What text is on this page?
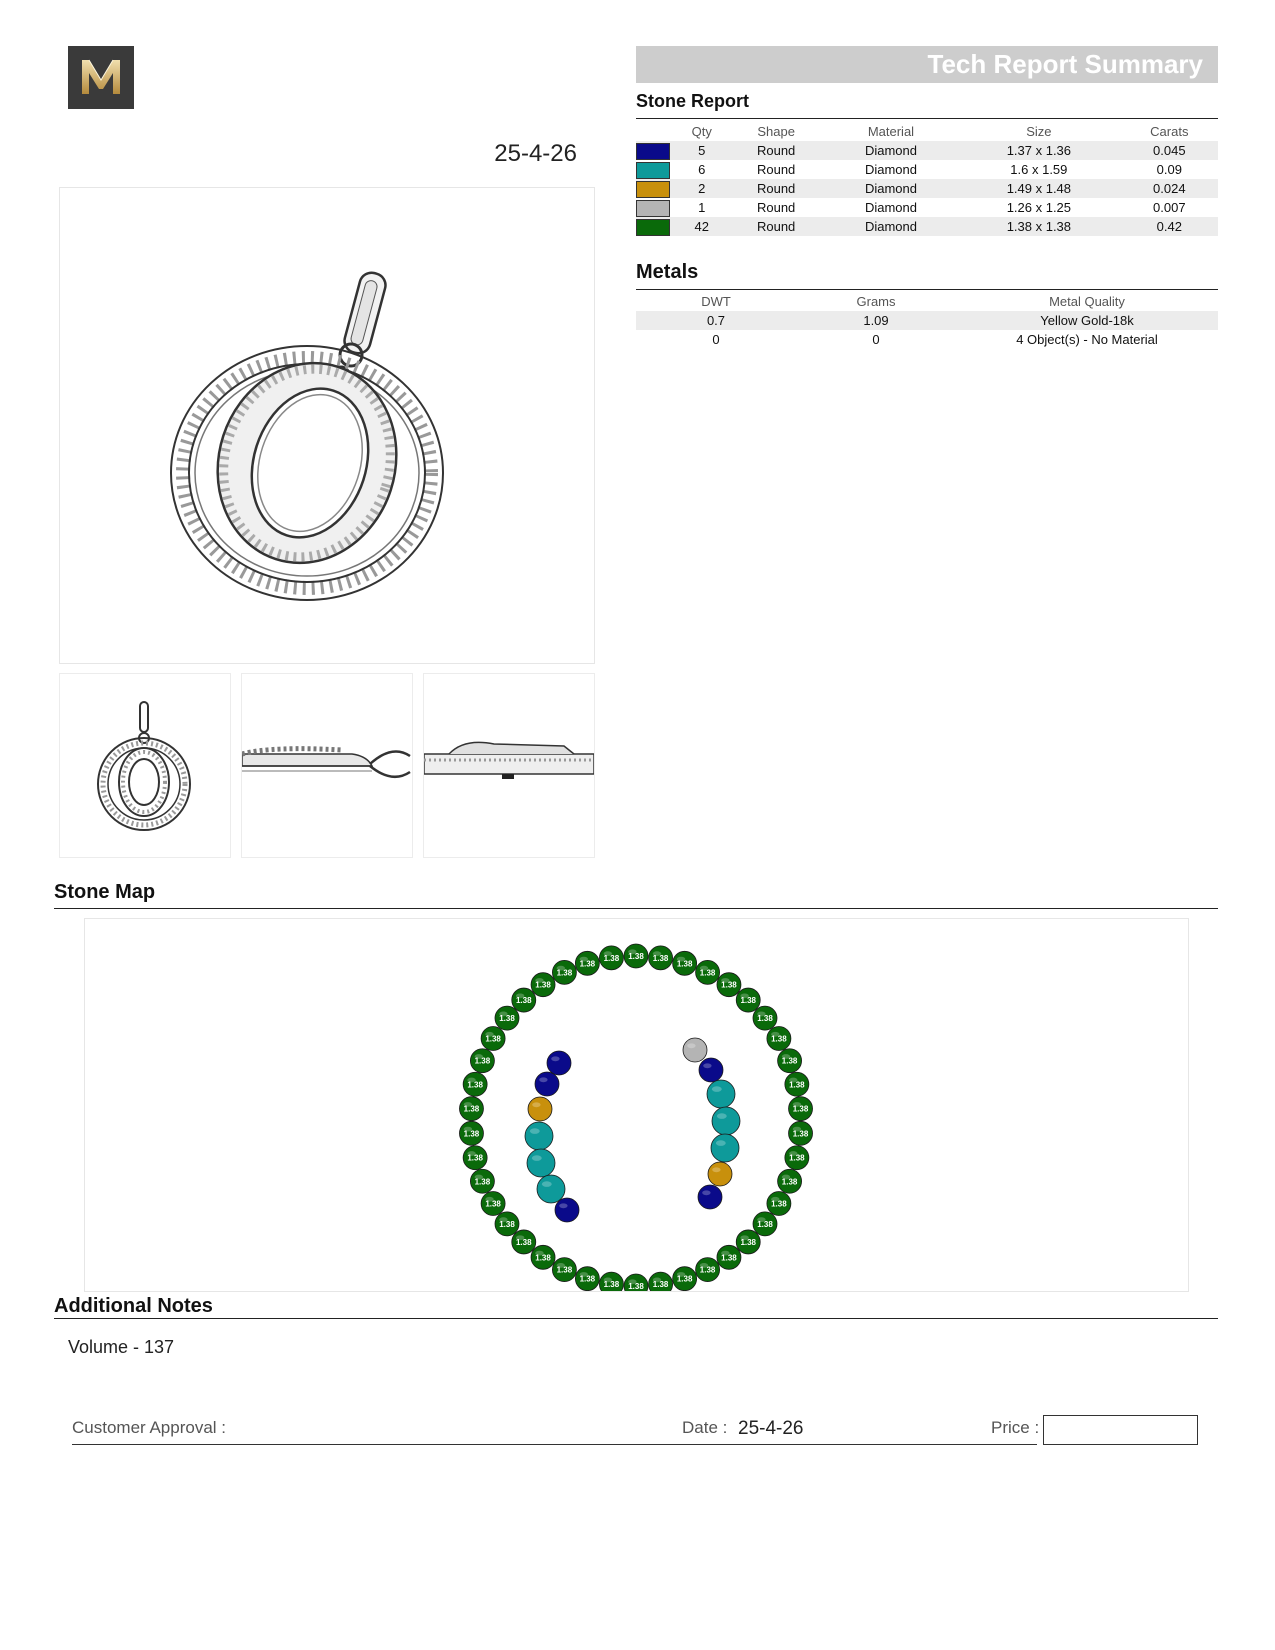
25-4-26
Tech Report Summary
Stone Report
	Qty	Shape	Material	Size	Carats
	5	Round	Diamond	1.37 x 1.36	0.045
	6	Round	Diamond	1.6 x 1.59	0.09
	2	Round	Diamond	1.49 x 1.48	0.024
	1	Round	Diamond	1.26 x 1.25	0.007
	42	Round	Diamond	1.38 x 1.38	0.42
Metals
DWT	Grams	Metal Quality
0.7	1.09	Yellow Gold-18k
0	0	4 Object(s) - No Material
Stone Map
1.38 1.38
1.38
1.38
1.38
1.38
1.38
1.38
1.38
1.38
1.38
1.38
1.38
1.38
1.38
1.38
1.38
1.38
1.38
1.38
1.38
1.38
1.38
1.38
1.38
1.38
1.38
1.38
1.38
1.38
1.38
1.38
1.38
1.38
1.38
1.38
1.38
1.38
1.38
1.38
1.38
1.38
Additional Notes
Volume - 137
Customer Approval :	Date : 25-4-26	Price :
